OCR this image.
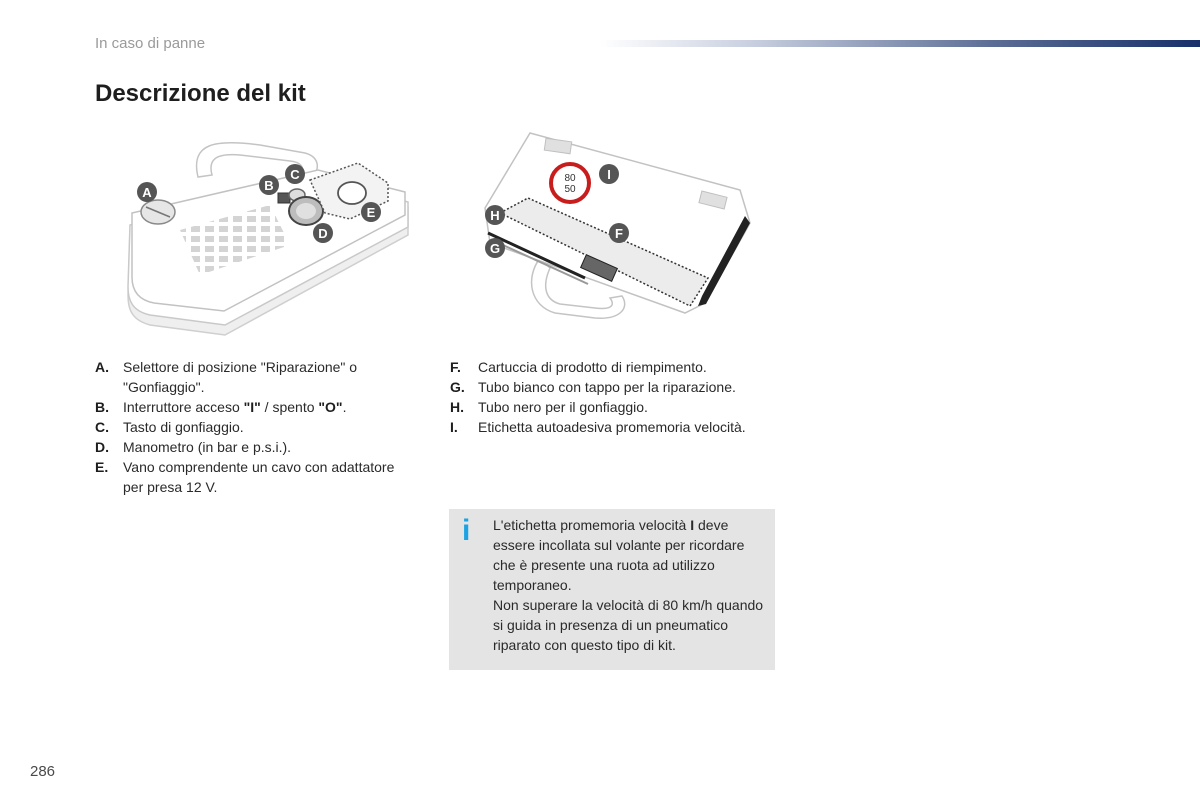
In caso di panne
Descrizione del kit
A	B
C
D
E
80
50
F
G
H
I
A.	Selettore di posizione "Riparazione" o "Gonfiaggio".
B.	Interruttore acceso "I" / spento "O".
C.	Tasto di gonfiaggio.
D.	Manometro (in bar e p.s.i.).
E.	Vano comprendente un cavo con adattatore per presa 12 V.
F.	Cartuccia di prodotto di riempimento.
G. Tubo bianco con tappo per la riparazione.
H.	Tubo nero per il gonfiaggio.
I.	Etichetta autoadesiva promemoria velocità.
i	L'etichetta promemoria velocità I deve essere incollata sul volante per ricordare che è presente una ruota ad utilizzo temporaneo.

Non superare la velocità di 80 km/h quando si guida in presenza di un pneumatico riparato con questo tipo di kit.

286
